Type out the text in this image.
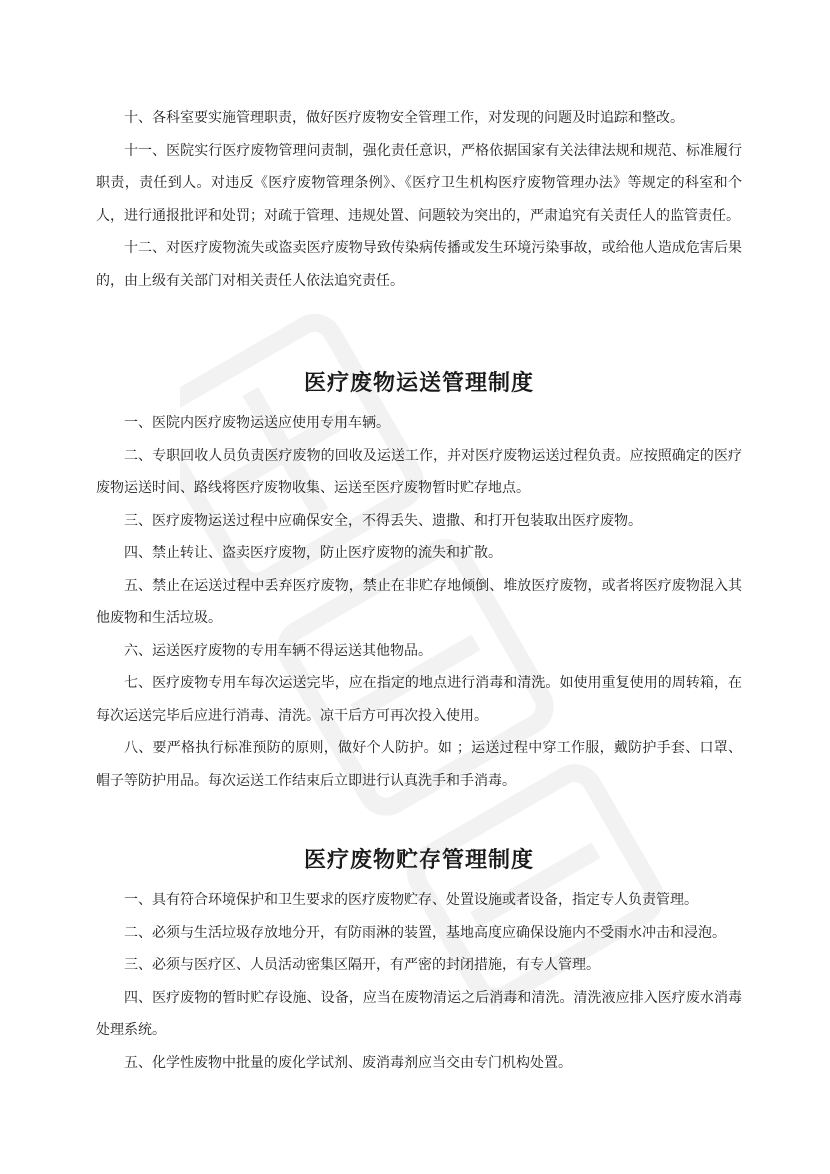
十、各科室要实施管理职责，做好医疗废物安全管理工作，对发现的问题及时追踪和整改。

十一、医院实行医疗废物管理问责制，强化责任意识，严格依据国家有关法律法规和规范、标准履行职责，责任到人。对违反《医疗废物管理条例》、《医疗卫生机构医疗废物管理办法》等规定的科室和个人，进行通报批评和处罚；对疏于管理、违规处置、问题较为突出的，严肃追究有关责任人的监管责任。

十二、对医疗废物流失或盗卖医疗废物导致传染病传播或发生环境污染事故，或给他人造成危害后果的，由上级有关部门对相关责任人依法追究责任。

医疗废物运送管理制度

一、医院内医疗废物运送应使用专用车辆。

二、专职回收人员负责医疗废物的回收及运送工作，并对医疗废物运送过程负责。应按照确定的医疗废物运送时间、路线将医疗废物收集、运送至医疗废物暂时贮存地点。

三、医疗废物运送过程中应确保安全，不得丢失、遗撒、和打开包装取出医疗废物。

四、禁止转让、盗卖医疗废物，防止医疗废物的流失和扩散。

五、禁止在运送过程中丢弃医疗废物，禁止在非贮存地倾倒、堆放医疗废物，或者将医疗废物混入其他废物和生活垃圾。

六、运送医疗废物的专用车辆不得运送其他物品。

七、医疗废物专用车每次运送完毕，应在指定的地点进行消毒和清洗。如使用重复使用的周转箱，在每次运送完毕后应进行消毒、清洗。凉干后方可再次投入使用。

八、要严格执行标准预防的原则，做好个人防护。如 ；运送过程中穿工作服，戴防护手套、口罩、帽子等防护用品。每次运送工作结束后立即进行认真洗手和手消毒。

医疗废物贮存管理制度

一、具有符合环境保护和卫生要求的医疗废物贮存、处置设施或者设备，指定专人负责管理。

二、必须与生活垃圾存放地分开，有防雨淋的装置，基地高度应确保设施内不受雨水冲击和浸泡。

三、必须与医疗区、人员活动密集区隔开，有严密的封闭措施，有专人管理。

四、医疗废物的暂时贮存设施、设备，应当在废物清运之后消毒和清洗。清洗液应排入医疗废水消毒处理系统。

五、化学性废物中批量的废化学试剂、废消毒剂应当交由专门机构处置。
